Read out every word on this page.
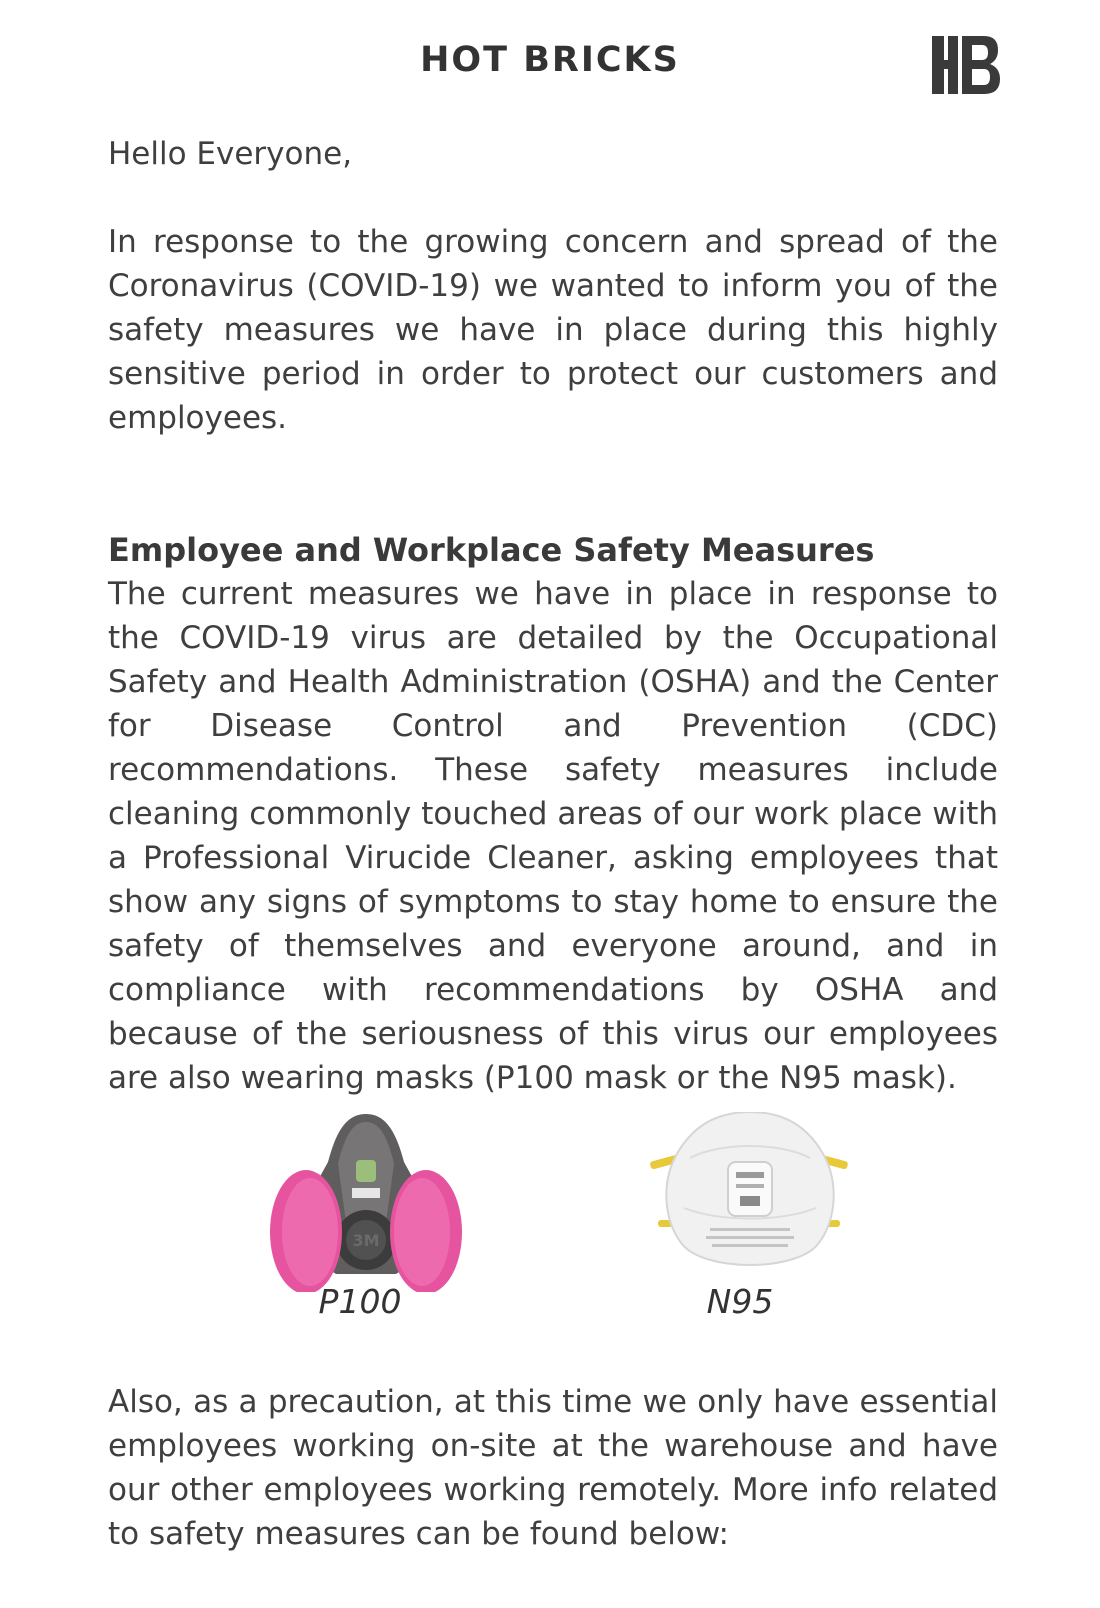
HOT BRICKS

Hello Everyone,

In response to the growing concern and spread of the Coronavirus (COVID-19) we wanted to inform you of the safety measures we have in place during this highly sensitive period in order to protect our customers and employees.

Employee and Workplace Safety Measures

The current measures we have in place in response to the COVID-19 virus are detailed by the Occupational Safety and Health Administration (OSHA) and the Center for Disease Control and Prevention (CDC) recommendations. These safety measures include cleaning commonly touched areas of our work place with a Professional Virucide Cleaner, asking employees that show any signs of symptoms to stay home to ensure the safety of themselves and everyone around, and in compliance with recommendations by OSHA and because of the seriousness of this virus our employees are also wearing masks (P100 mask or the N95 mask).

3M
P100	N95
Also, as a precaution, at this time we only have essential employees working on-site at the warehouse and have our other employees working remotely. More info related to safety measures can be found below:
